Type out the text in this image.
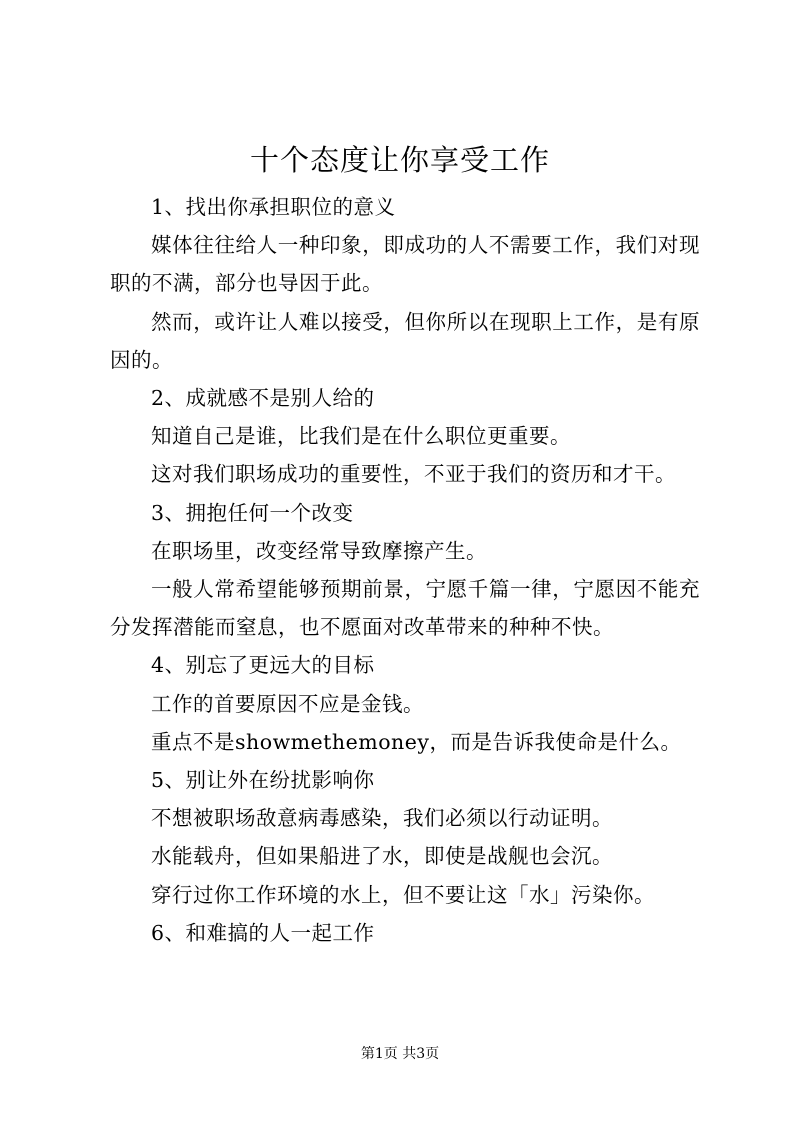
十个态度让你享受工作

1、找出你承担职位的意义

媒体往往给人一种印象，即成功的人不需要工作，我们对现职的不满，部分也导因于此。

然而，或许让人难以接受，但你所以在现职上工作，是有原因的。

2、成就感不是别人给的

知道自己是谁，比我们是在什么职位更重要。

这对我们职场成功的重要性，不亚于我们的资历和才干。

3、拥抱任何一个改变

在职场里，改变经常导致摩擦产生。

一般人常希望能够预期前景，宁愿千篇一律，宁愿因不能充分发挥潜能而窒息，也不愿面对改革带来的种种不快。

4、别忘了更远大的目标

工作的首要原因不应是金钱。

重点不是showmethemoney，而是告诉我使命是什么。

5、别让外在纷扰影响你

不想被职场敌意病毒感染，我们必须以行动证明。

水能载舟，但如果船进了水，即使是战舰也会沉。

穿行过你工作环境的水上，但不要让这「水」污染你。

6、和难搞的人一起工作

第1页 共3页
